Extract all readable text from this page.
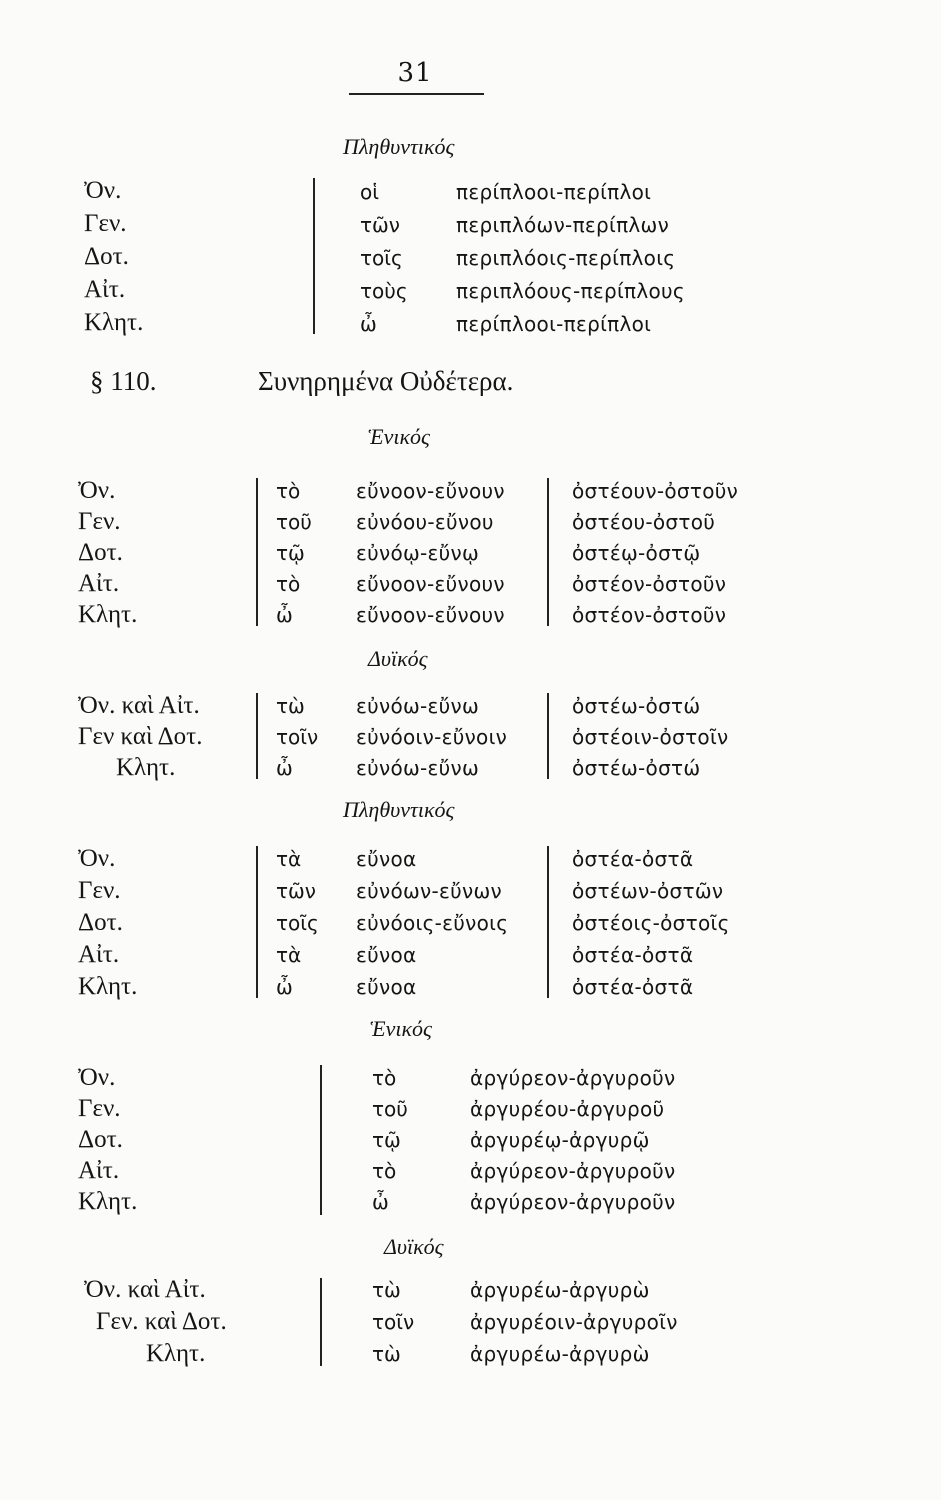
31
Πληθυντικός
Ὀν.
Γεν.
Δοτ.
Αἰτ.
Κλητ.
οἱ
τῶν
τοῖς
τοὺς
ὦ
περίπλοοι-περίπλοι
περιπλόων-περίπλων
περιπλόοις-περίπλοις
περιπλόους-περίπλους
περίπλοοι-περίπλοι
§ 110.	Συνηρημένα Οὐδέτερα.
Ἑνικός
Ὀν.
Γεν.
Δοτ.
Αἰτ.
Κλητ.
τὸ
τοῦ
τῷ
τὸ
ὦ
εὔνοον-εὔνουν
εὐνόου-εὔνου
εὐνόῳ-εὔνῳ
εὔνοον-εὔνουν
εὔνοον-εὔνουν
ὀστέουν-ὀστοῦν
ὀστέου-ὀστοῦ
ὀστέῳ-ὀστῷ
ὀστέον-ὀστοῦν
ὀστέον-ὀστοῦν
Δυϊκός
Ὀν. καὶ Αἰτ.
Γεν καὶ Δοτ.
Κλητ.
τὼ
τοῖν
ὦ
εὐνόω-εὔνω
εὐνόοιν-εὔνοιν
εὐνόω-εὔνω
ὀστέω-ὀστώ
ὀστέοιν-ὀστοῖν
ὀστέω-ὀστώ
Πληθυντικός
Ὀν.
Γεν.
Δοτ.
Αἰτ.
Κλητ.
τὰ
τῶν
τοῖς
τὰ
ὦ
εὔνοα
εὐνόων-εὔνων
εὐνόοις-εὔνοις
εὔνοα
εὔνοα
ὀστέα-ὀστᾶ
ὀστέων-ὀστῶν
ὀστέοις-ὀστοῖς
ὀστέα-ὀστᾶ
ὀστέα-ὀστᾶ
Ἑνικός
Ὀν.
Γεν.
Δοτ.
Αἰτ.
Κλητ.
τὸ
τοῦ
τῷ
τὸ
ὦ
ἀργύρεον-ἀργυροῦν
ἀργυρέου-ἀργυροῦ
ἀργυρέῳ-ἀργυρῷ
ἀργύρεον-ἀργυροῦν
ἀργύρεον-ἀργυροῦν
Δυϊκός
Ὀν. καὶ Αἰτ.
Γεν. καὶ Δοτ.
Κλητ.
τὼ
τοῖν
τὼ
ἀργυρέω-ἀργυρὼ
ἀργυρέοιν-ἀργυροῖν
ἀργυρέω-ἀργυρὼ
